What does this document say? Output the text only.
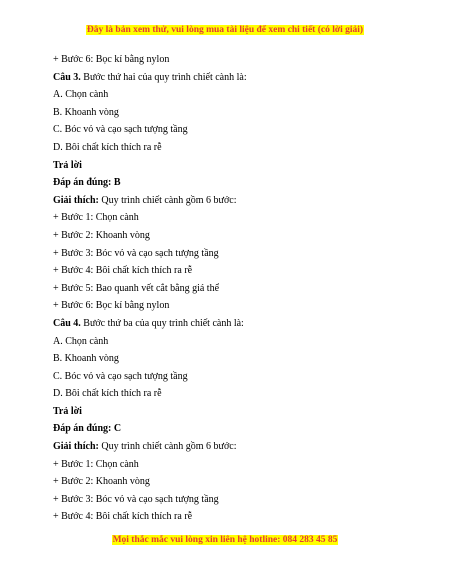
Đây là bản xem thử, vui lòng mua tài liệu để xem chi tiết (có lời giải)
+ Bước 6: Bọc kí bằng nylon
Câu 3. Bước thứ hai của quy trình chiết cành là:
A. Chọn cành
B. Khoanh vòng
C. Bóc vỏ và cạo sạch tượng tầng
D. Bôi chất kích thích ra rễ
Trả lời
Đáp án đúng: B
Giải thích: Quy trình chiết cành gồm 6 bước:
+ Bước 1: Chọn cành
+ Bước 2: Khoanh vòng
+ Bước 3: Bóc vỏ và cạo sạch tượng tầng
+ Bước 4: Bôi chất kích thích ra rễ
+ Bước 5: Bao quanh vết cắt bằng giá thể
+ Bước 6: Bọc kí bằng nylon
Câu 4. Bước thứ ba của quy trình chiết cành là:
A. Chọn cành
B. Khoanh vòng
C. Bóc vỏ và cạo sạch tượng tầng
D. Bôi chất kích thích ra rễ
Trả lời
Đáp án đúng: C
Giải thích: Quy trình chiết cành gồm 6 bước:
+ Bước 1: Chọn cành
+ Bước 2: Khoanh vòng
+ Bước 3: Bóc vỏ và cạo sạch tượng tầng
+ Bước 4: Bôi chất kích thích ra rễ
Mọi thắc mắc vui lòng xin liên hệ hotline: 084 283 45 85
